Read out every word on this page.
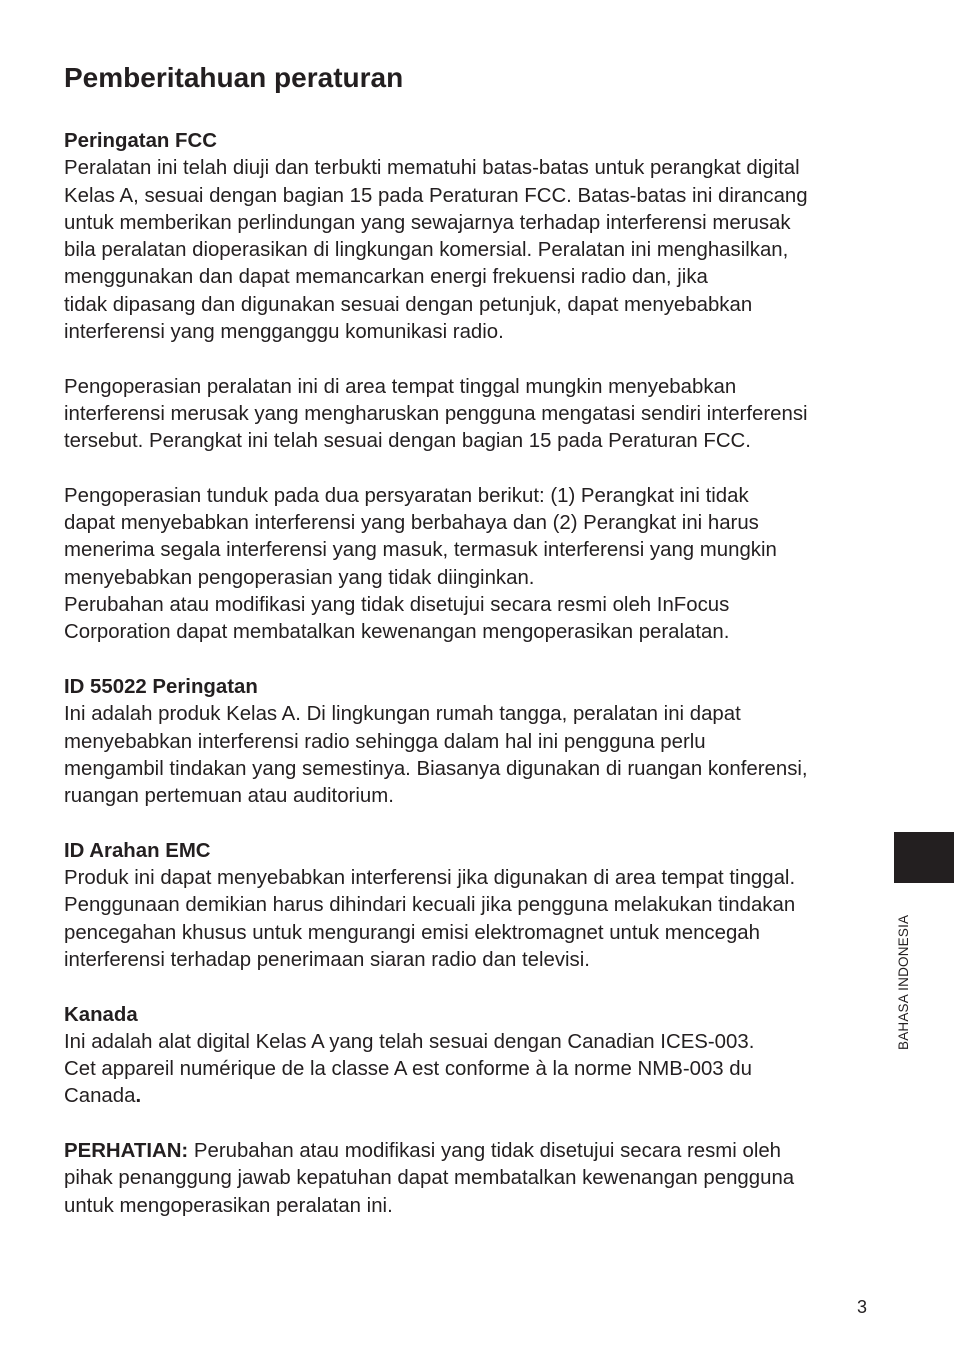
Pemberitahuan peraturan
Peringatan FCC

Peralatan ini telah diuji dan terbukti mematuhi batas-batas untuk perangkat digital
Kelas A, sesuai dengan bagian 15 pada Peraturan FCC. Batas-batas ini dirancang
untuk memberikan perlindungan yang sewajarnya terhadap interferensi merusak
bila peralatan dioperasikan di lingkungan komersial. Peralatan ini menghasilkan,
menggunakan dan dapat memancarkan energi frekuensi radio dan, jika
tidak dipasang dan digunakan sesuai dengan petunjuk, dapat menyebabkan
interferensi yang mengganggu komunikasi radio.

Pengoperasian peralatan ini di area tempat tinggal mungkin menyebabkan
interferensi merusak yang mengharuskan pengguna mengatasi sendiri interferensi
tersebut. Perangkat ini telah sesuai dengan bagian 15 pada Peraturan FCC.

Pengoperasian tunduk pada dua persyaratan berikut: (1) Perangkat ini tidak
dapat menyebabkan interferensi yang berbahaya dan (2) Perangkat ini harus
menerima segala interferensi yang masuk, termasuk interferensi yang mungkin
menyebabkan pengoperasian yang tidak diinginkan.

Perubahan atau modifikasi yang tidak disetujui secara resmi oleh InFocus
Corporation dapat membatalkan kewenangan mengoperasikan peralatan.

ID 55022 Peringatan

Ini adalah produk Kelas A. Di lingkungan rumah tangga, peralatan ini dapat
menyebabkan interferensi radio sehingga dalam hal ini pengguna perlu
mengambil tindakan yang semestinya. Biasanya digunakan di ruangan konferensi,
ruangan pertemuan atau auditorium.

ID Arahan EMC

Produk ini dapat menyebabkan interferensi jika digunakan di area tempat tinggal.
Penggunaan demikian harus dihindari kecuali jika pengguna melakukan tindakan
pencegahan khusus untuk mengurangi emisi elektromagnet untuk mencegah
interferensi terhadap penerimaan siaran radio dan televisi.

Kanada

Ini adalah alat digital Kelas A yang telah sesuai dengan Canadian ICES-003.
Cet appareil numérique de la classe A est conforme à la norme NMB-003 du
Canada.

PERHATIAN: Perubahan atau modifikasi yang tidak disetujui secara resmi oleh
pihak penanggung jawab kepatuhan dapat membatalkan kewenangan pengguna
untuk mengoperasikan peralatan ini.

BAHASA INDONESIA
3
